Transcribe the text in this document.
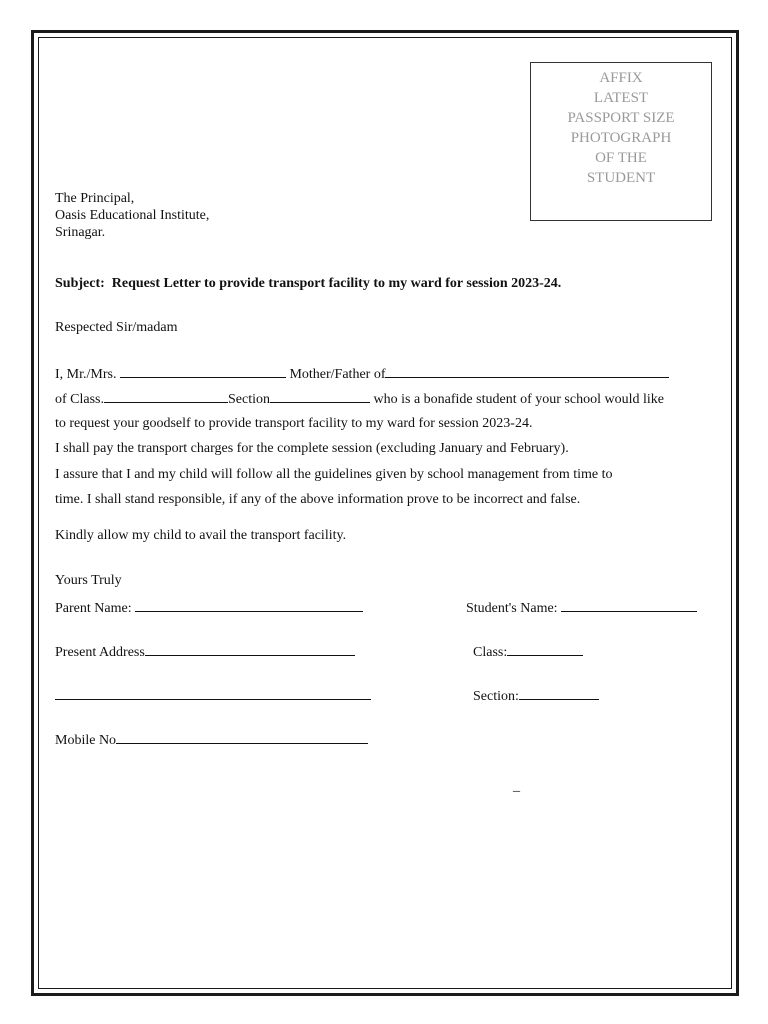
AFFIX
LATEST
PASSPORT SIZE
PHOTOGRAPH
OF THE
STUDENT
The Principal,
Oasis Educational Institute,
Srinagar.
Subject: Request Letter to provide transport facility to my ward for session 2023-24.
Respected Sir/madam
I, Mr./Mrs.	Mother/Father of
of Class.	Section	who is a bonafide student of your school would like
to request your goodself to provide transport facility to my ward for session 2023-24.
I shall pay the transport charges for the complete session (excluding January and February).
I assure that I and my child will follow all the guidelines given by school management from time to
time. I shall stand responsible, if any of the above information prove to be incorrect and false.
Kindly allow my child to avail the transport facility.
Yours Truly
Parent Name:	Student's Name:
Present Address	Class:
Section:
Mobile No
_
